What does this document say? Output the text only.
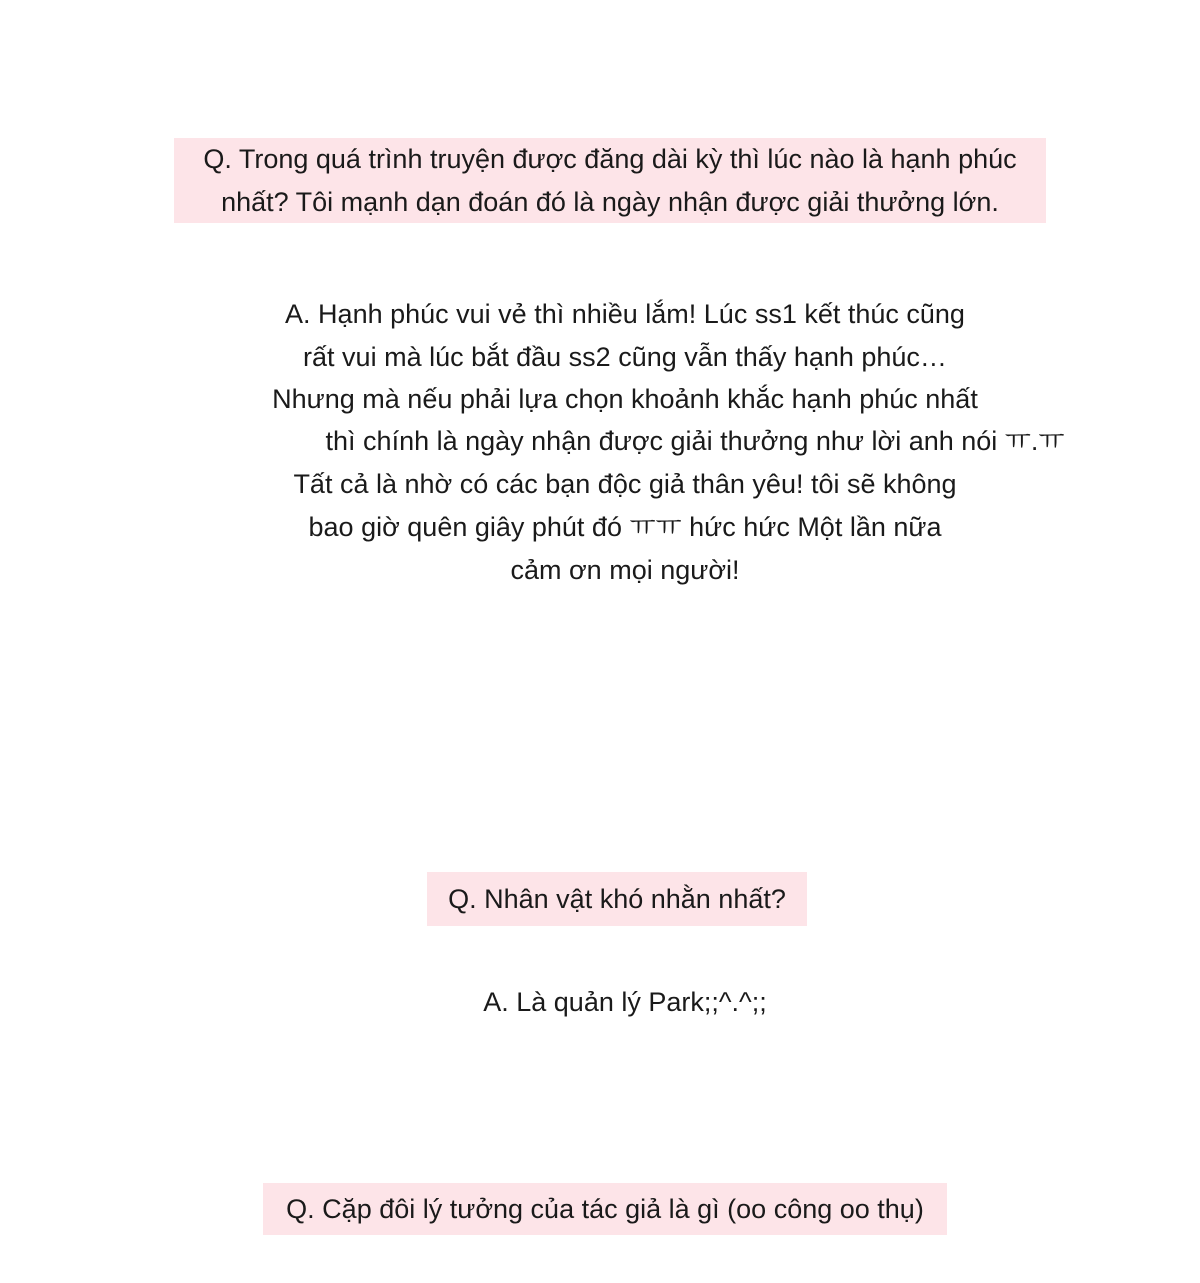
Q. Trong quá trình truyện được đăng dài kỳ thì lúc nào là hạnh phúc
nhất? Tôi mạnh dạn đoán đó là ngày nhận được giải thưởng lớn.
A. Hạnh phúc vui vẻ thì nhiều lắm! Lúc ss1 kết thúc cũng
rất vui mà lúc bắt đầu ss2 cũng vẫn thấy hạnh phúc…
Nhưng mà nếu phải lựa chọn khoảnh khắc hạnh phúc nhất
thì chính là ngày nhận được giải thưởng như lời anh nói ㅠ.ㅠ
Tất cả là nhờ có các bạn độc giả thân yêu! tôi sẽ không
bao giờ quên giây phút đó ㅠㅠ hức hức Một lần nữa
cảm ơn mọi người!
Q. Nhân vật khó nhằn nhất?
A. Là quản lý Park;;^.^;;
Q. Cặp đôi lý tưởng của tác giả là gì (oo công oo thụ)
